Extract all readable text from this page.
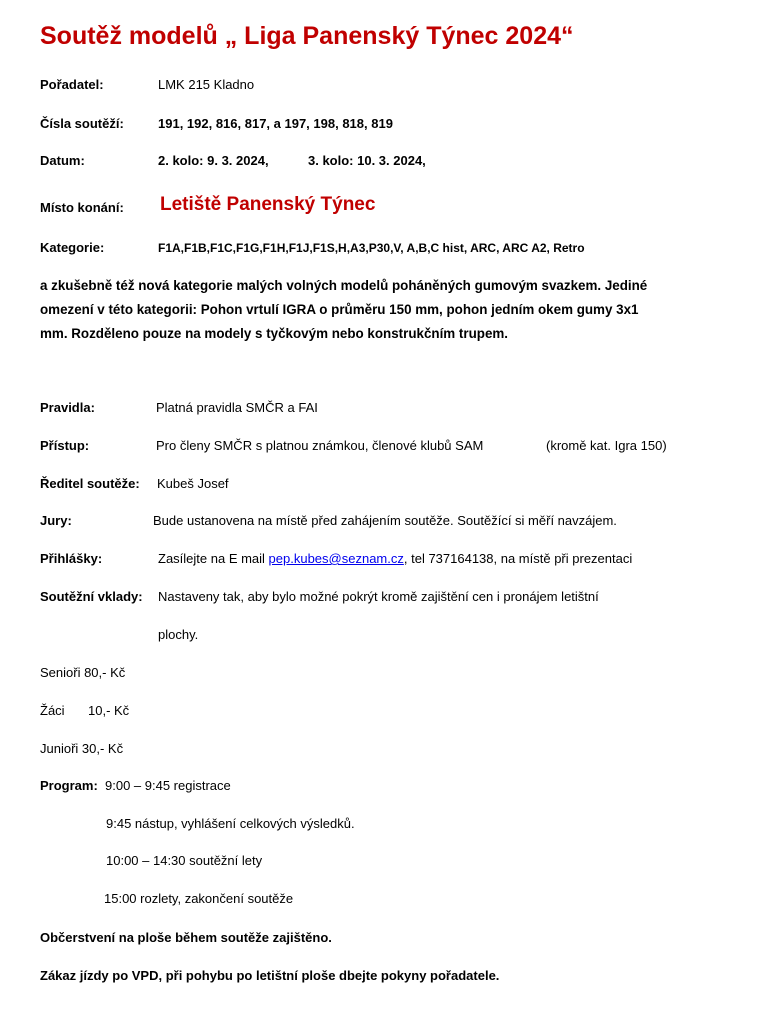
Soutěž modelů „ Liga Panenský Týnec 2024“
Pořadatel:	LMK 215 Kladno
Čísla soutěží:	191, 192, 816, 817, a 197, 198, 818, 819
Datum:	2. kolo: 9. 3. 2024,	3. kolo: 10. 3. 2024,
Místo konání: Letiště Panenský Týnec
Kategorie:	F1A,F1B,F1C,F1G,F1H,F1J,F1S,H,A3,P30,V, A,B,C hist, ARC, ARC A2, Retro
a zkušebně též nová kategorie malých volných modelů poháněných gumovým svazkem. Jediné
omezení v této kategorii: Pohon vrtulí IGRA o průměru 150 mm, pohon jedním okem gumy 3x1
mm. Rozděleno pouze na modely s tyčkovým nebo konstrukčním trupem.
Pravidla:	Platná pravidla SMČR a FAI
Přístup:	Pro členy SMČR s platnou známkou, členové klubů SAM	(kromě kat. Igra 150)
Ředitel soutěže: Kubeš Josef
Jury:	Bude ustanovena na místě před zahájením soutěže. Soutěžící si měří navzájem.
Přihlášky:	Zasílejte na E mail pep.kubes@seznam.cz, tel 737164138, na místě při prezentaci
Soutěžní vklady: Nastaveny tak, aby bylo možné pokrýt kromě zajištění cen i pronájem letištní
plochy.
Senioři 80,- Kč
Žáci 10,- Kč
Junioři 30,- Kč
Program: 9:00 – 9:45 registrace
9:45 nástup, vyhlášení celkových výsledků.
10:00 – 14:30 soutěžní lety
15:00 rozlety, zakončení soutěže
Občerstvení na ploše během soutěže zajištěno.
Zákaz jízdy po VPD, při pohybu po letištní ploše dbejte pokyny pořadatele.
